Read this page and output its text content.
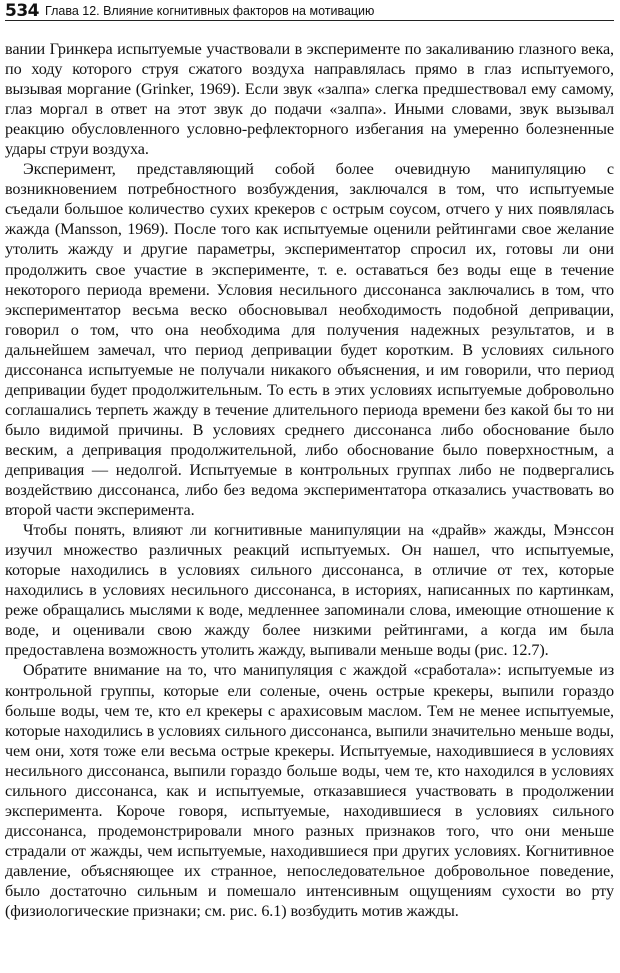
534 Глава 12. Влияние когнитивных факторов на мотивацию

вании Гринкера испытуемые участвовали в эксперименте по закаливанию глазного века, по ходу которого струя сжатого воздуха направлялась прямо в глаз испытуемого, вызывая моргание (Grinker, 1969). Если звук «залпа» слегка предшествовал ему самому, глаз моргал в ответ на этот звук до подачи «залпа». Иными словами, звук вызывал реакцию обусловленного условно-рефлекторного избегания на умеренно болезненные удары струи воздуха.

Эксперимент, представляющий собой более очевидную манипуляцию с возникновением потребностного возбуждения, заключался в том, что испытуемые съедали большое количество сухих крекеров с острым соусом, отчего у них появлялась жажда (Mansson, 1969). После того как испытуемые оценили рейтингами свое желание утолить жажду и другие параметры, экспериментатор спросил их, готовы ли они продолжить свое участие в эксперименте, т. е. оставаться без воды еще в течение некоторого периода времени. Условия несильного диссонанса заключались в том, что экспериментатор весьма веско обосновывал необходимость подобной депривации, говорил о том, что она необходима для получения надежных результатов, и в дальнейшем замечал, что период депривации будет коротким. В условиях сильного диссонанса испытуемые не получали никакого объяснения, и им говорили, что период депривации будет продолжительным. То есть в этих условиях испытуемые добровольно соглашались терпеть жажду в течение длительного периода времени без какой бы то ни было видимой причины. В условиях среднего диссонанса либо обоснование было веским, а депривация продолжительной, либо обоснование было поверхностным, а депривация — недолгой. Испытуемые в контрольных группах либо не подвергались воздействию диссонанса, либо без ведома экспериментатора отказались участвовать во второй части эксперимента.

Чтобы понять, влияют ли когнитивные манипуляции на «драйв» жажды, Мэнссон изучил множество различных реакций испытуемых. Он нашел, что испытуемые, которые находились в условиях сильного диссонанса, в отличие от тех, которые находились в условиях несильного диссонанса, в историях, написанных по картинкам, реже обращались мыслями к воде, медленнее запоминали слова, имеющие отношение к воде, и оценивали свою жажду более низкими рейтингами, а когда им была предоставлена возможность утолить жажду, выпивали меньше воды (рис. 12.7).

Обратите внимание на то, что манипуляция с жаждой «сработала»: испытуемые из контрольной группы, которые ели соленые, очень острые крекеры, выпили гораздо больше воды, чем те, кто ел крекеры с арахисовым маслом. Тем не менее испытуемые, которые находились в условиях сильного диссонанса, выпили значительно меньше воды, чем они, хотя тоже ели весьма острые крекеры. Испытуемые, находившиеся в условиях несильного диссонанса, выпили гораздо больше воды, чем те, кто находился в условиях сильного диссонанса, как и испытуемые, отказавшиеся участвовать в продолжении эксперимента. Короче говоря, испытуемые, находившиеся в условиях сильного диссонанса, продемонстрировали много разных признаков того, что они меньше страдали от жажды, чем испытуемые, находившиеся при других условиях. Когнитивное давление, объясняющее их странное, непоследовательное добровольное поведение, было достаточно сильным и помешало интенсивным ощущениям сухости во рту (физиологические признаки; см. рис. 6.1) возбудить мотив жажды.
